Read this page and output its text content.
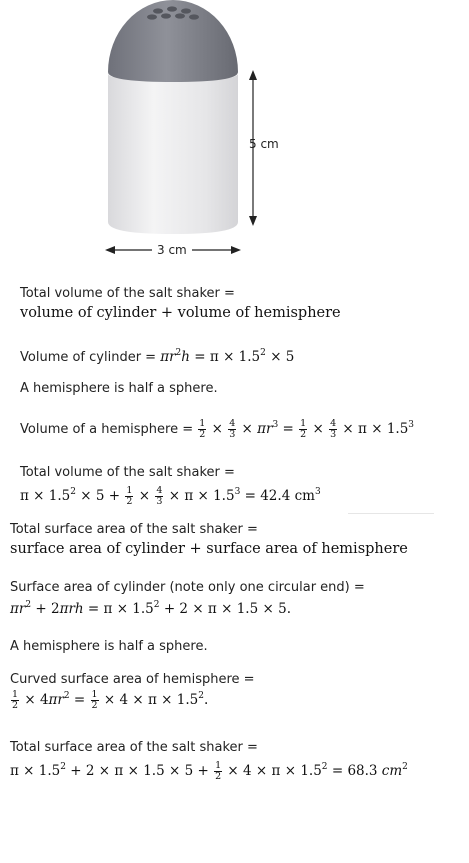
5 cm
3 cm
Total volume of the salt shaker =
volume of cylinder + volume of hemisphere
Volume of cylinder = $\pi r^2h = \pi \times 1.5^2 \times 5$
A hemisphere is half a sphere.
Volume of a hemisphere = $\frac{1}{2} \times \frac{4}{3} \times \pi r^3 = \frac{1}{2} \times \frac{4}{3} \times \pi \times 1.5^3$
Total volume of the salt shaker =
$\pi \times 1.5^2 \times 5 + \frac{1}{2} \times \frac{4}{3} \times \pi \times 1.5^3 = 42.4$ $cm^3$
Total surface area of the salt shaker =
surface area of cylinder + surface area of hemisphere
Surface area of cylinder (note only one circular end) =
$\pi r^2 + 2\pi rh = \pi \times 1.5^2 + 2 \times \pi \times 1.5 \times 5$.
A hemisphere is half a sphere.
Curved surface area of hemisphere =
$\frac{1}{2} \times 4\pi r^2 = \frac{1}{2} \times 4 \times \pi \times 1.5^2$.
Total surface area of the salt shaker =
$\pi \times 1.5^2 + 2 \times \pi \times 1.5 \times 5 + \frac{1}{2} \times 4 \times \pi \times 1.5^2 = 68.3$ $cm^2$
